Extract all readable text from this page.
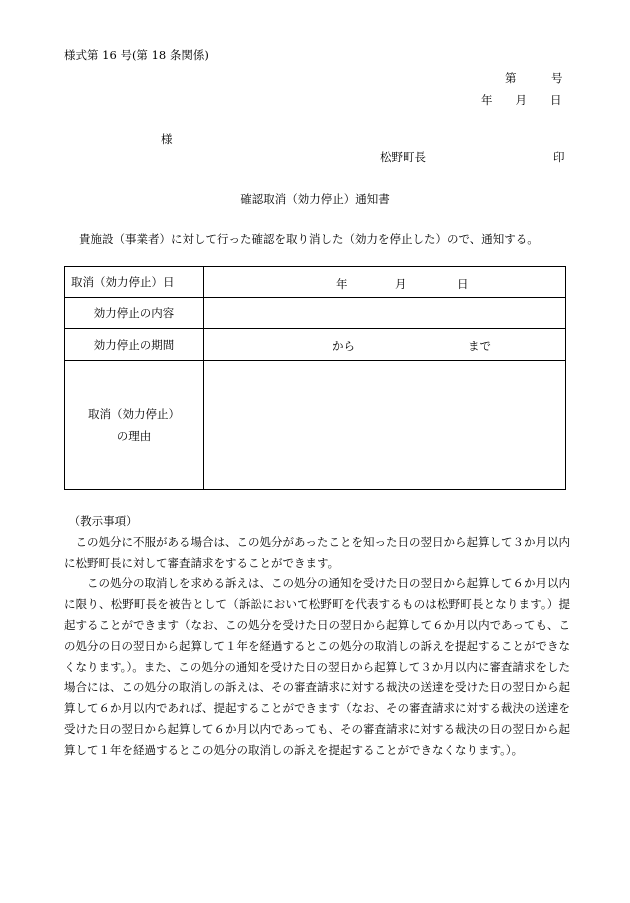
様式第 16 号(第 18 条関係)
第　　　号
年　　月　　日
様
松野町長	印
確認取消（効力停止）通知書
貴施設（事業者）に対して行った確認を取り消した（効力を停止した）ので、通知する。
取消（効力停止）日	年 月 日

効力停止の内容	
効力停止の期間	から まで

取消（効力停止）
の理由	

（教示事項）

この処分に不服がある場合は、この処分があったことを知った日の翌日から起算して３か月以内に松野町長に対して審査請求をすることができます。

この処分の取消しを求める訴えは、この処分の通知を受けた日の翌日から起算して６か月以内に限り、松野町長を被告として（訴訟において松野町を代表するものは松野町長となります。）提起することができます（なお、この処分を受けた日の翌日から起算して６か月以内であっても、この処分の日の翌日から起算して１年を経過するとこの処分の取消しの訴えを提起することができなくなります。）。また、この処分の通知を受けた日の翌日から起算して３か月以内に審査請求をした場合には、この処分の取消しの訴えは、その審査請求に対する裁決の送達を受けた日の翌日から起算して６か月以内であれば、提起することができます（なお、その審査請求に対する裁決の送達を受けた日の翌日から起算して６か月以内であっても、その審査請求に対する裁決の日の翌日から起算して１年を経過するとこの処分の取消しの訴えを提起することができなくなります。）。
